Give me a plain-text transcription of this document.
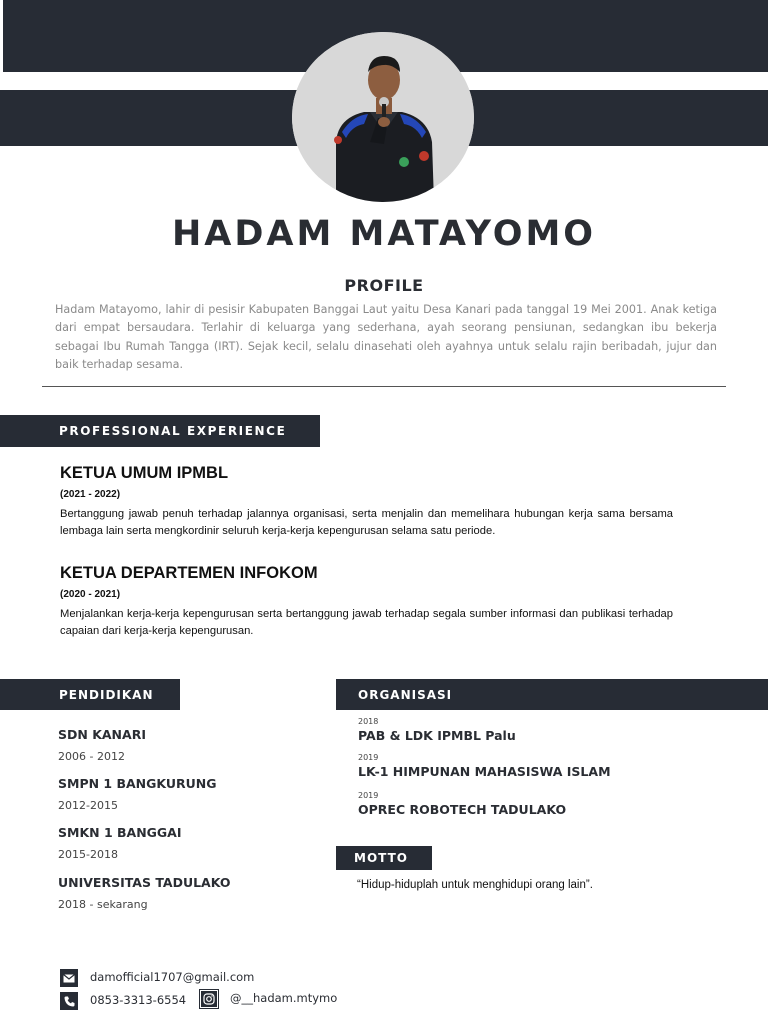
HADAM MATAYOMO
PROFILE

Hadam Matayomo, lahir di pesisir Kabupaten Banggai Laut yaitu Desa Kanari pada tanggal 19 Mei 2001. Anak ketiga dari empat bersaudara. Terlahir di keluarga yang sederhana, ayah seorang pensiunan, sedangkan ibu bekerja sebagai Ibu Rumah Tangga (IRT). Sejak kecil, selalu dinasehati oleh ayahnya untuk selalu rajin beribadah, jujur dan baik terhadap sesama.

PROFESSIONAL EXPERIENCE
KETUA UMUM IPMBL
(2021 - 2022)
Bertanggung jawab penuh terhadap jalannya organisasi, serta menjalin dan memelihara hubungan kerja sama bersama lembaga lain serta mengkordinir seluruh kerja-kerja kepengurusan selama satu periode.
KETUA DEPARTEMEN INFOKOM
(2020 - 2021)
Menjalankan kerja-kerja kepengurusan serta bertanggung jawab terhadap segala sumber informasi dan publikasi terhadap capaian dari kerja-kerja kepengurusan.
PENDIDIKAN
SDN KANARI
2006 - 2012
SMPN 1 BANGKURUNG
2012-2015
SMKN 1 BANGGAI
2015-2018
UNIVERSITAS TADULAKO
2018 - sekarang
ORGANISASI
2018
PAB & LDK IPMBL Palu
2019
LK-1 HIMPUNAN MAHASISWA ISLAM
2019
OPREC ROBOTECH TADULAKO
MOTTO
“Hidup-hiduplah untuk menghidupi orang lain”.
damofficial1707@gmail.com
0853-3313-6554	@__hadam.mtymo
